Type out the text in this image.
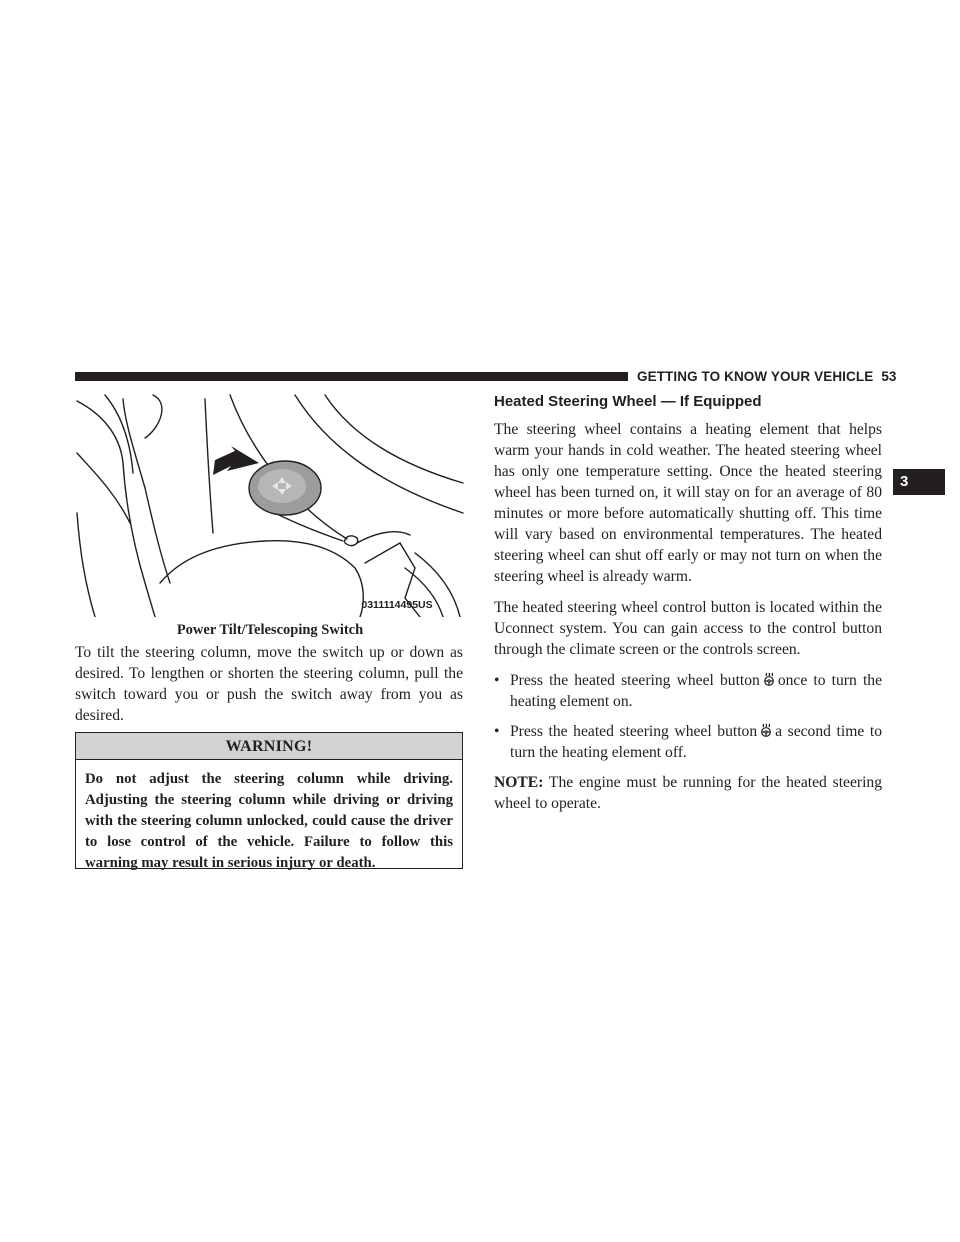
GETTING TO KNOW YOUR VEHICLE 53
3
0311114495US
Power Tilt/Telescoping Switch
To tilt the steering column, move the switch up or down as desired. To lengthen or shorten the steering column, pull the switch toward you or push the switch away from you as desired.
WARNING!
Do not adjust the steering column while driving. Adjusting the steering column while driving or driving with the steering column unlocked, could cause the driver to lose control of the vehicle. Failure to follow this warning may result in serious injury or death.
Heated Steering Wheel — If Equipped

The steering wheel contains a heating element that helps warm your hands in cold weather. The heated steering wheel has only one temperature setting. Once the heated steering wheel has been turned on, it will stay on for an average of 80 minutes or more before automatically shutting off. This time will vary based on environmental temperatures. The heated steering wheel can shut off early or may not turn on when the steering wheel is already warm.

The heated steering wheel control button is located within the Uconnect system. You can gain access to the control button through the climate screen or the controls screen.

• Press the heated steering wheel button once to turn the heating element on.
• Press the heated steering wheel button a second time to turn the heating element off.

NOTE: The engine must be running for the heated steering wheel to operate.
